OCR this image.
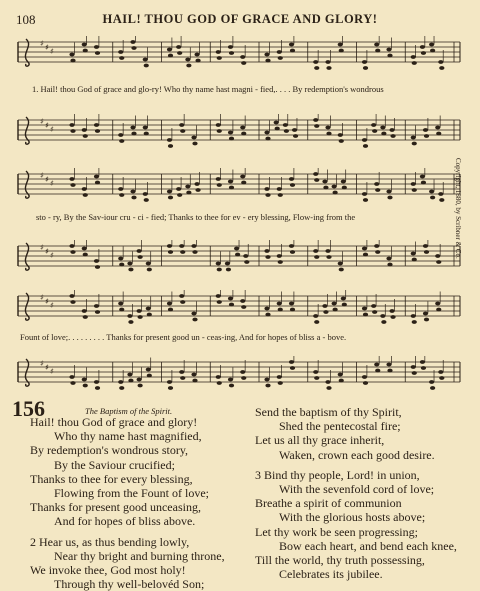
108	HAIL! THOU GOD OF GRACE AND GLORY!
♯ ♯ ♯
1. Hail! thou God of grace and glo-ry! Who thy name hast magni - fied,. . . . By redemption's wondrous
♯ ♯ ♯
♯ ♯ ♯
sto - ry, By the Sav-iour cru - ci - fied; Thanks to thee for ev - ery blessing, Flow-ing from the
♯ ♯ ♯
♯ ♯ ♯
Fount of love;. . . . . . . . . Thanks for present good un - ceas-ing, And for hopes of bliss a - bove.
♯ ♯ ♯
Copyright, 1880, by Scribner & Co.
156	The Baptism of the Spirit.
Hail! thou God of grace and glory!
Who thy name hast magnified,
By redemption's wondrous story,
By the Saviour crucified;
Thanks to thee for every blessing,
Flowing from the Fount of love;
Thanks for present good unceasing,
And for hopes of bliss above.
2 Hear us, as thus bending lowly,
Near thy bright and burning throne,
We invoke thee, God most holy!
Through thy well-belovéd Son;
Send the baptism of thy Spirit,
Shed the pentecostal fire;
Let us all thy grace inherit,
Waken, crown each good desire.
3 Bind thy people, Lord! in union,
With the sevenfold cord of love;
Breathe a spirit of communion
With the glorious hosts above;
Let thy work be seen progressing;
Bow each heart, and bend each knee,
Till the world, thy truth possessing,
Celebrates its jubilee.
